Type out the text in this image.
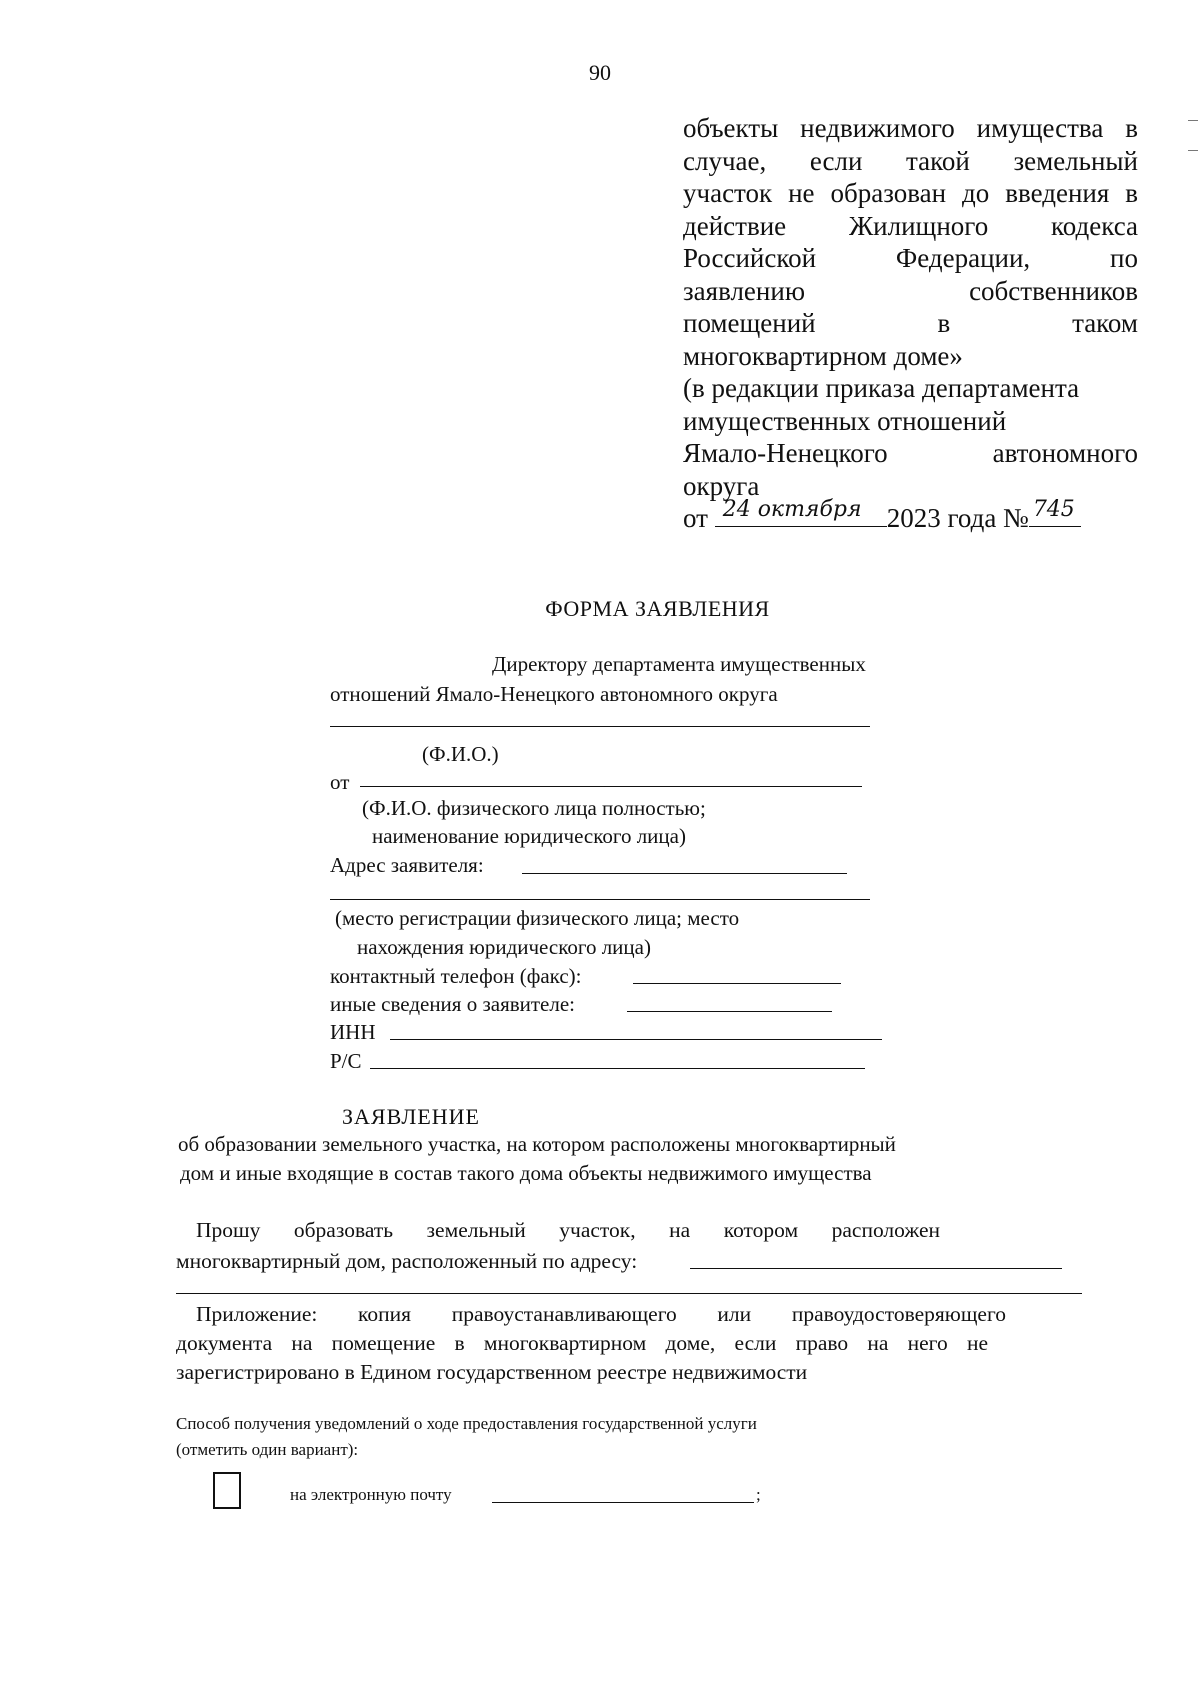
90
объекты недвижимого имущества в
случае, если такой земельный
участок не образован до введения в
действие Жилищного кодекса
Российской Федерации, по
заявлению собственников
помещений в таком
многоквартирном доме»
(в редакции приказа департамента
имущественных отношений
Ямало-Ненецкого автономного
округа
от 24 октября 2023 года № 745
ФОРМА ЗАЯВЛЕНИЯ
Директору департамента имущественных
отношений Ямало-Ненецкого автономного округа
(Ф.И.О.)
от
(Ф.И.О. физического лица полностью;
наименование юридического лица)
Адрес заявителя:
(место регистрации физического лица; место
нахождения юридического лица)
контактный телефон (факс):
иные сведения о заявителе:
ИНН
Р/С
ЗАЯВЛЕНИЕ
об образовании земельного участка, на котором расположены многоквартирный
дом и иные входящие в состав такого дома объекты недвижимого имущества
Прошу образовать земельный участок, на котором расположен
многоквартирный дом, расположенный по адресу:
Приложение: копия правоустанавливающего или правоудостоверяющего
документа на помещение в многоквартирном доме, если право на него не
зарегистрировано в Едином государственном реестре недвижимости
Способ получения уведомлений о ходе предоставления государственной услуги
(отметить один вариант):
на электронную почту	;
